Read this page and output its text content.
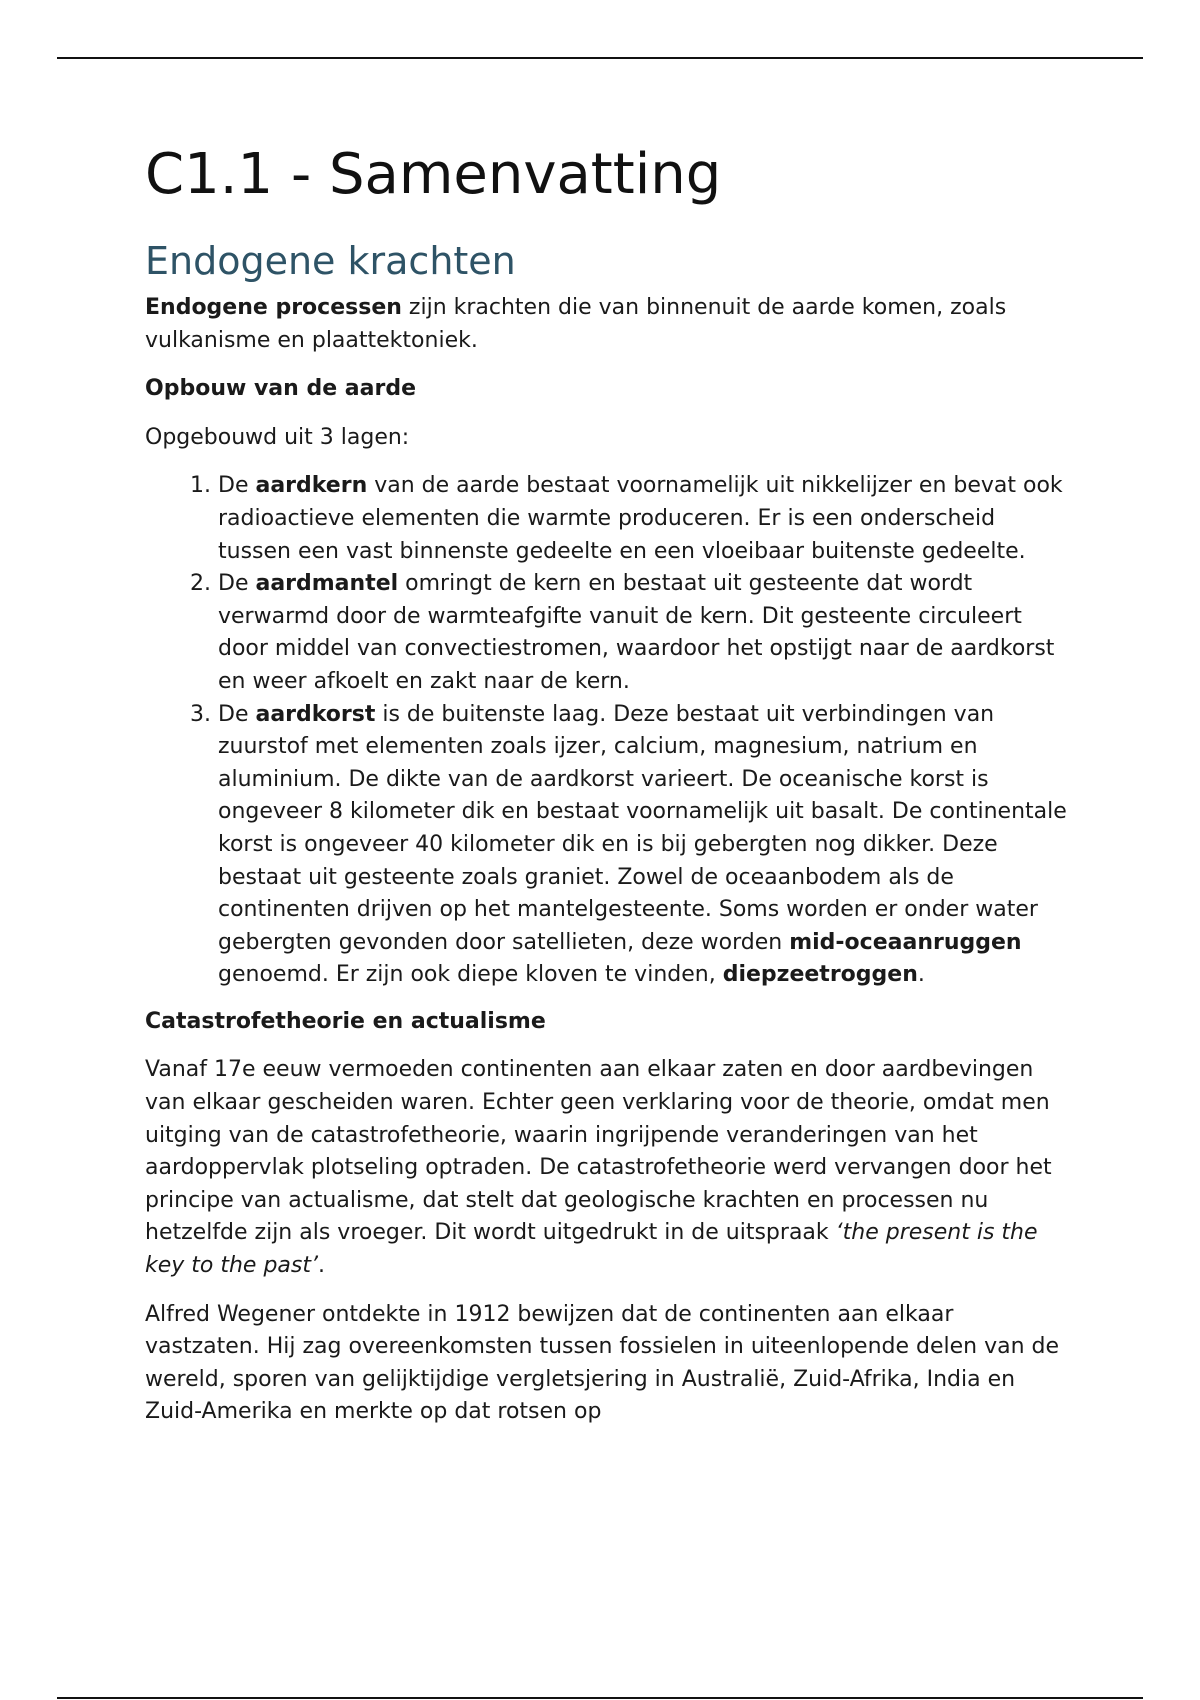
C1.1 - Samenvatting
Endogene krachten

Endogene processen zijn krachten die van binnenuit de aarde komen, zoals vulkanisme en plaattektoniek.

Opbouw van de aarde

Opgebouwd uit 3 lagen:

1. De aardkern van de aarde bestaat voornamelijk uit nikkelijzer en bevat ook radioactieve elementen die warmte produceren. Er is een onderscheid tussen een vast binnenste gedeelte en een vloeibaar buitenste gedeelte.
2. De aardmantel omringt de kern en bestaat uit gesteente dat wordt verwarmd door de warmteafgifte vanuit de kern. Dit gesteente circuleert door middel van convectiestromen, waardoor het opstijgt naar de aardkorst en weer afkoelt en zakt naar de kern.
3. De aardkorst is de buitenste laag. Deze bestaat uit verbindingen van zuurstof met elementen zoals ijzer, calcium, magnesium, natrium en aluminium. De dikte van de aardkorst varieert. De oceanische korst is ongeveer 8 kilometer dik en bestaat voornamelijk uit basalt. De continentale korst is ongeveer 40 kilometer dik en is bij gebergten nog dikker. Deze bestaat uit gesteente zoals graniet. Zowel de oceaanbodem als de continenten drijven op het mantelgesteente. Soms worden er onder water gebergten gevonden door satellieten, deze worden mid-oceaanruggen genoemd. Er zijn ook diepe kloven te vinden, diepzeetroggen.

Catastrofetheorie en actualisme

Vanaf 17e eeuw vermoeden continenten aan elkaar zaten en door aardbevingen van elkaar gescheiden waren. Echter geen verklaring voor de theorie, omdat men uitging van de catastrofetheorie, waarin ingrijpende veranderingen van het aardoppervlak plotseling optraden. De catastrofetheorie werd vervangen door het principe van actualisme, dat stelt dat geologische krachten en processen nu hetzelfde zijn als vroeger. Dit wordt uitgedrukt in de uitspraak ‘the present is the key to the past’.

Alfred Wegener ontdekte in 1912 bewijzen dat de continenten aan elkaar vastzaten. Hij zag overeenkomsten tussen fossielen in uiteenlopende delen van de wereld, sporen van gelijktijdige vergletsjering in Australië, Zuid-Afrika, India en Zuid-Amerika en merkte op dat rotsen op
